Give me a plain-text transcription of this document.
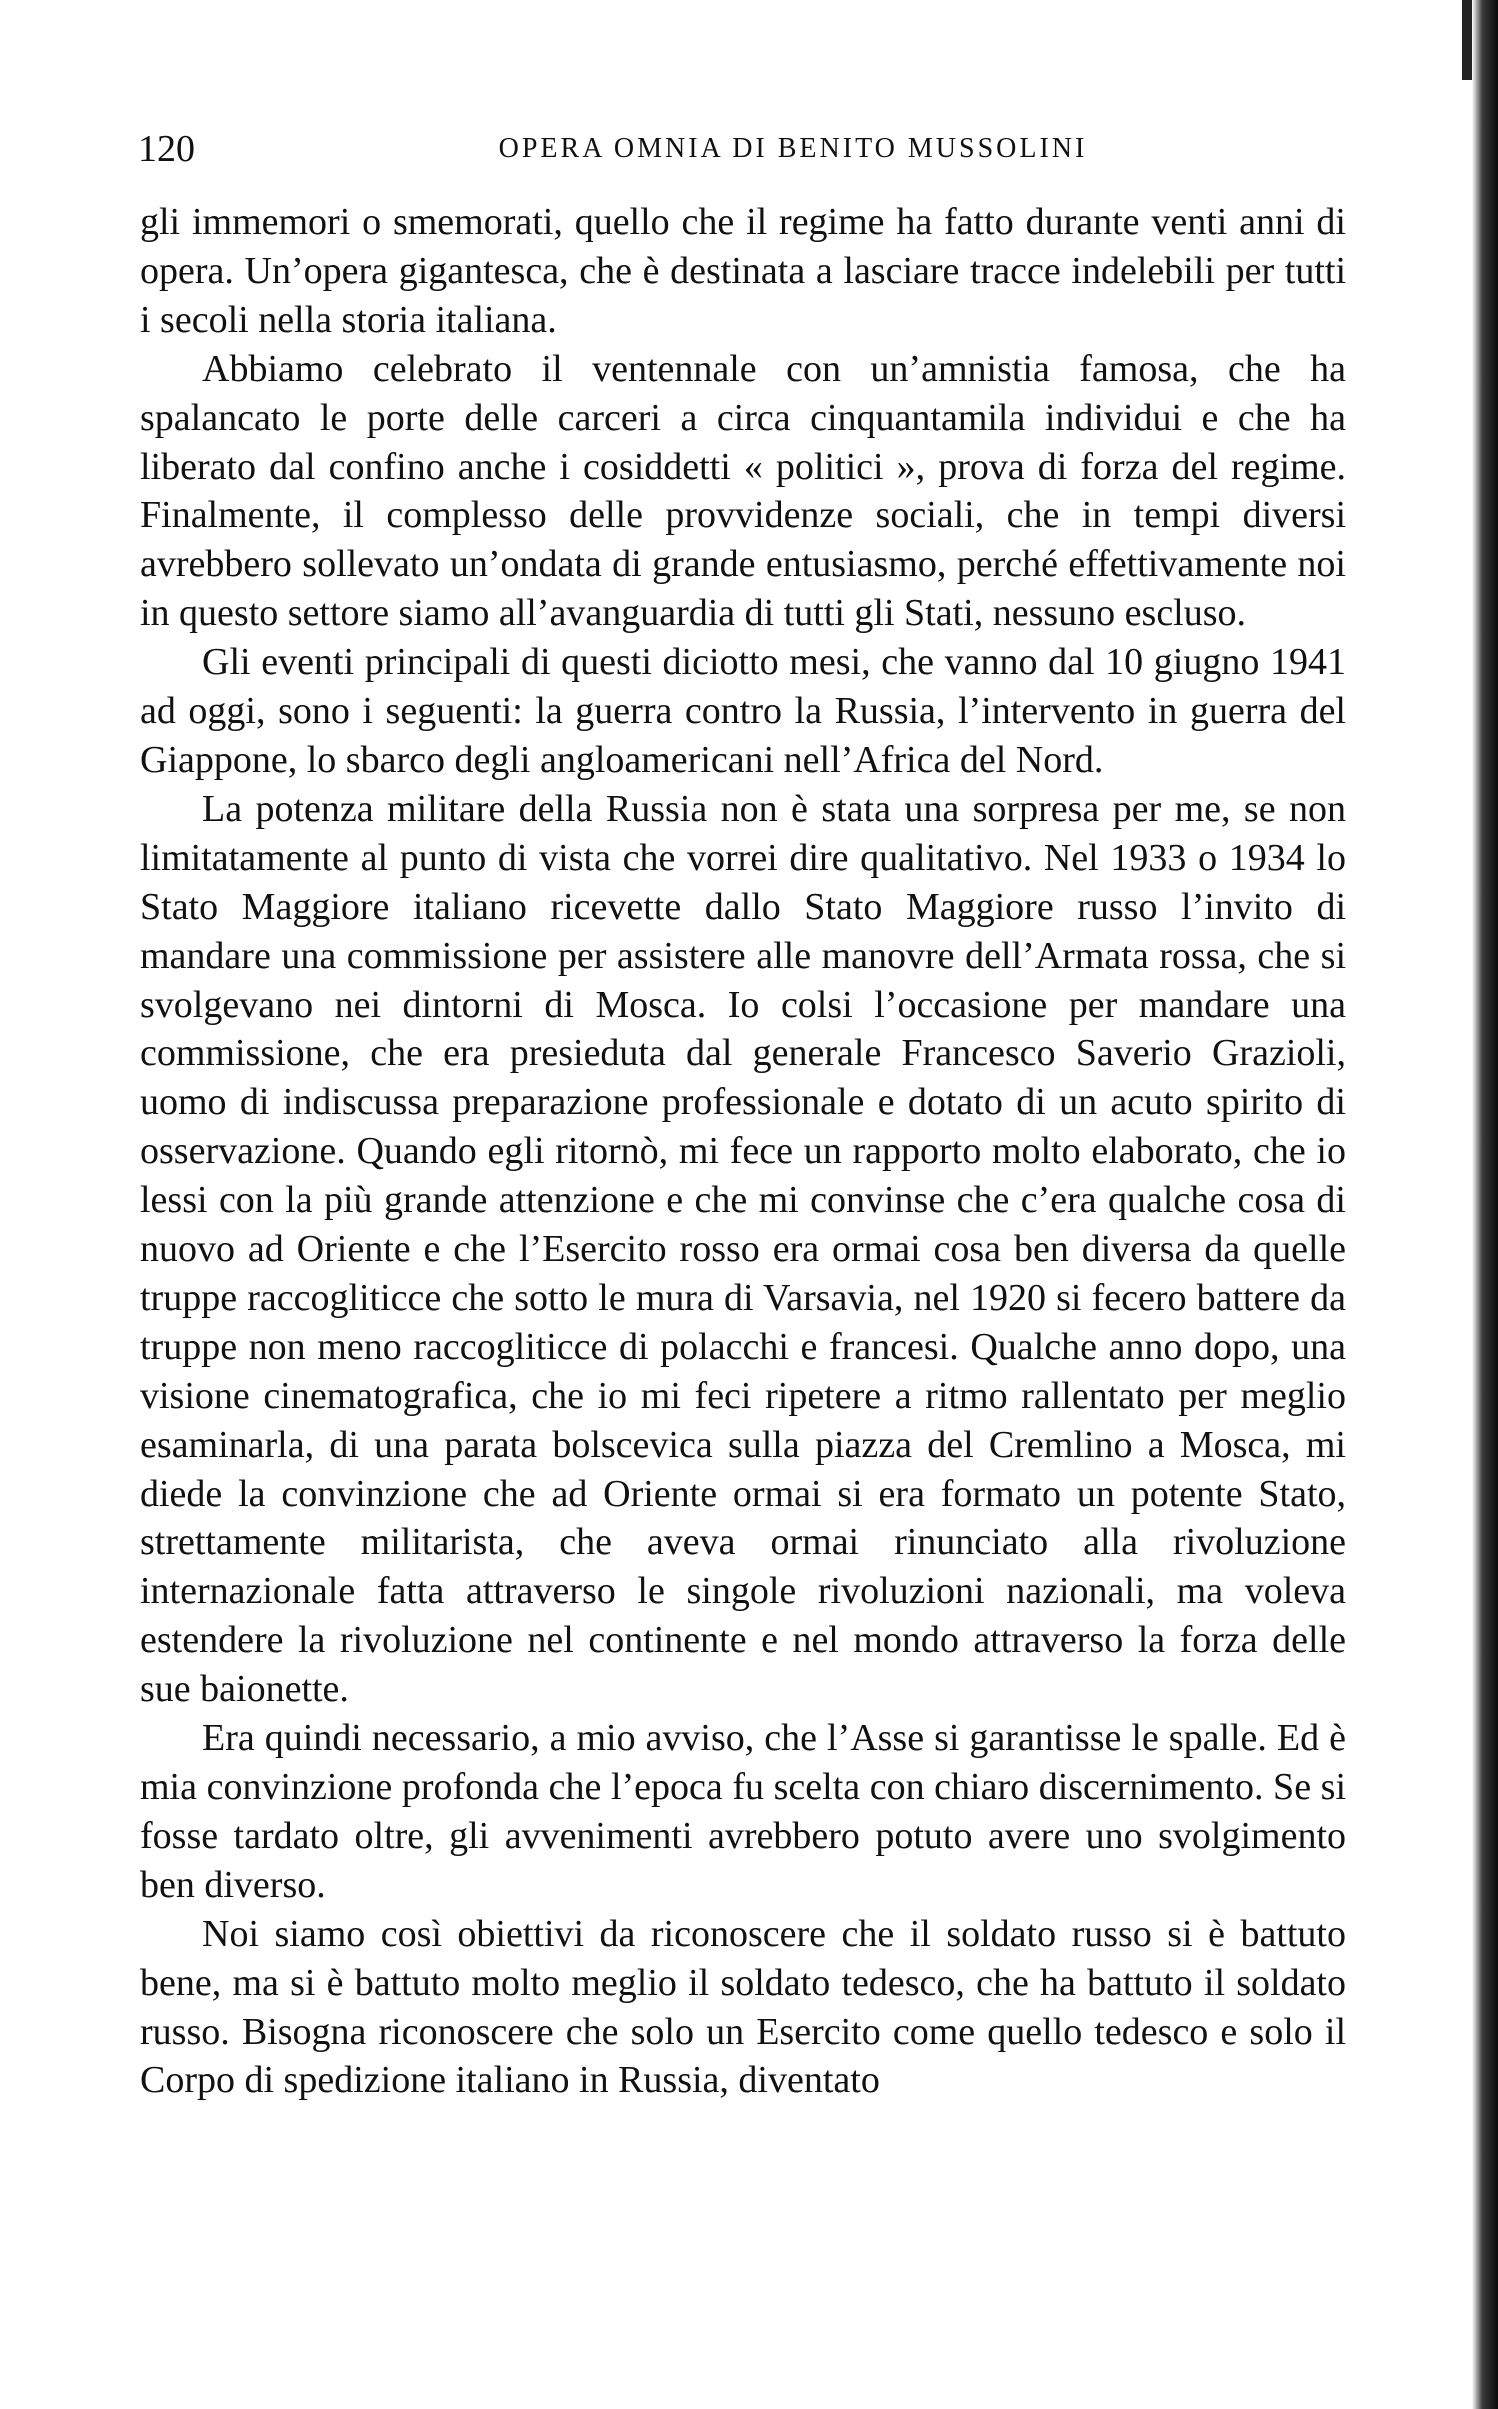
120	OPERA OMNIA DI BENITO MUSSOLINI

gli immemori o smemorati, quello che il regime ha fatto durante venti anni di opera. Un’opera gigantesca, che è destinata a lasciare tracce indelebili per tutti i secoli nella storia italiana.

Abbiamo celebrato il ventennale con un’amnistia famosa, che ha spalancato le porte delle carceri a circa cinquantamila individui e che ha liberato dal confino anche i cosiddetti « politici », prova di forza del regime. Finalmente, il complesso delle provvidenze sociali, che in tempi diversi avrebbero sollevato un’ondata di grande entusiasmo, perché effettivamente noi in questo settore siamo all’avanguardia di tutti gli Stati, nessuno escluso.

Gli eventi principali di questi diciotto mesi, che vanno dal 10 giugno 1941 ad oggi, sono i seguenti: la guerra contro la Russia, l’intervento in guerra del Giappone, lo sbarco degli angloamericani nell’Africa del Nord.

La potenza militare della Russia non è stata una sorpresa per me, se non limitatamente al punto di vista che vorrei dire qualitativo. Nel 1933 o 1934 lo Stato Maggiore italiano ricevette dallo Stato Maggiore russo l’invito di mandare una commissione per assistere alle manovre dell’Armata rossa, che si svolgevano nei dintorni di Mosca. Io colsi l’occasione per mandare una commissione, che era presieduta dal generale Francesco Saverio Grazioli, uomo di indiscussa preparazione professionale e dotato di un acuto spirito di osservazione. Quando egli ritornò, mi fece un rapporto molto elaborato, che io lessi con la più grande attenzione e che mi convinse che c’era qualche cosa di nuovo ad Oriente e che l’Esercito rosso era ormai cosa ben diversa da quelle truppe raccogliticce che sotto le mura di Varsavia, nel 1920 si fecero battere da truppe non meno raccogliticce di polacchi e francesi. Qualche anno dopo, una visione cinematografica, che io mi feci ripetere a ritmo rallentato per meglio esaminarla, di una parata bolscevica sulla piazza del Cremlino a Mosca, mi diede la convinzione che ad Oriente ormai si era formato un potente Stato, strettamente militarista, che aveva ormai rinunciato alla rivoluzione internazionale fatta attraverso le singole rivoluzioni nazionali, ma voleva estendere la rivoluzione nel continente e nel mondo attraverso la forza delle sue baionette.

Era quindi necessario, a mio avviso, che l’Asse si garantisse le spalle. Ed è mia convinzione profonda che l’epoca fu scelta con chiaro discernimento. Se si fosse tardato oltre, gli avvenimenti avrebbero potuto avere uno svolgimento ben diverso.

Noi siamo così obiettivi da riconoscere che il soldato russo si è battuto bene, ma si è battuto molto meglio il soldato tedesco, che ha battuto il soldato russo. Bisogna riconoscere che solo un Esercito come quello tedesco e solo il Corpo di spedizione italiano in Russia, diventato
